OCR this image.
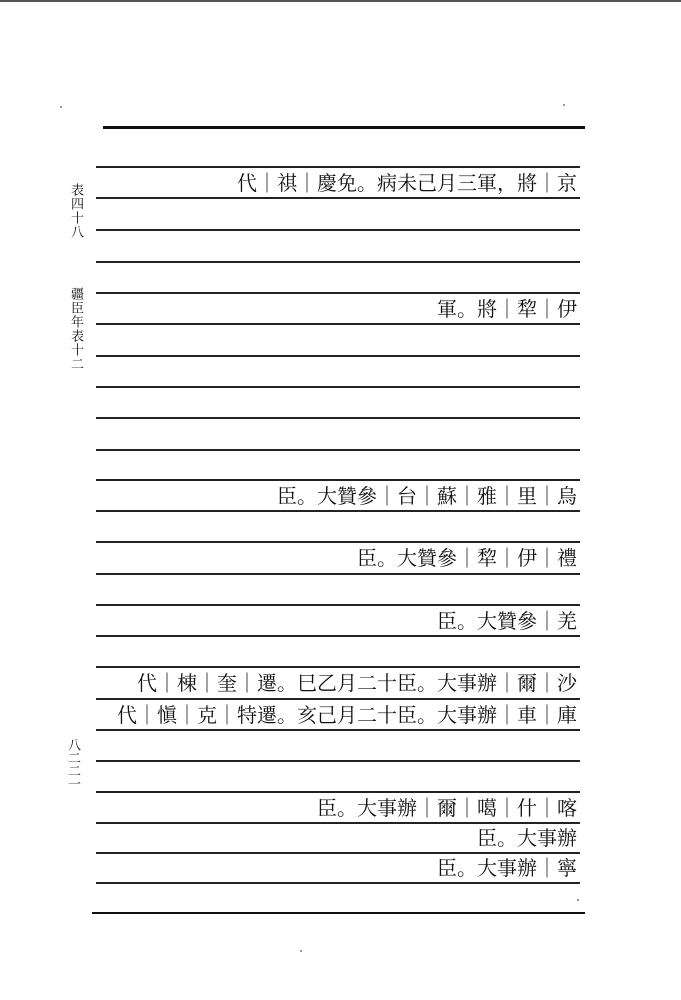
表四十八
疆臣年表十二
八二二一
代｜祺｜慶免。病未己月三軍，將｜京
軍。將｜犂｜伊
臣。大贊參｜台｜蘇｜雅｜里｜烏
臣。大贊參｜犂｜伊｜禮
臣。大贊參｜羌
代｜棟｜奎｜遷。巳乙月二十臣。大事辦｜爾｜沙
代｜愼｜克｜特遷。亥己月二十臣。大事辦｜車｜庫
臣。大事辦｜爾｜噶｜什｜喀
臣。大事辦
臣。大事辦｜寧
